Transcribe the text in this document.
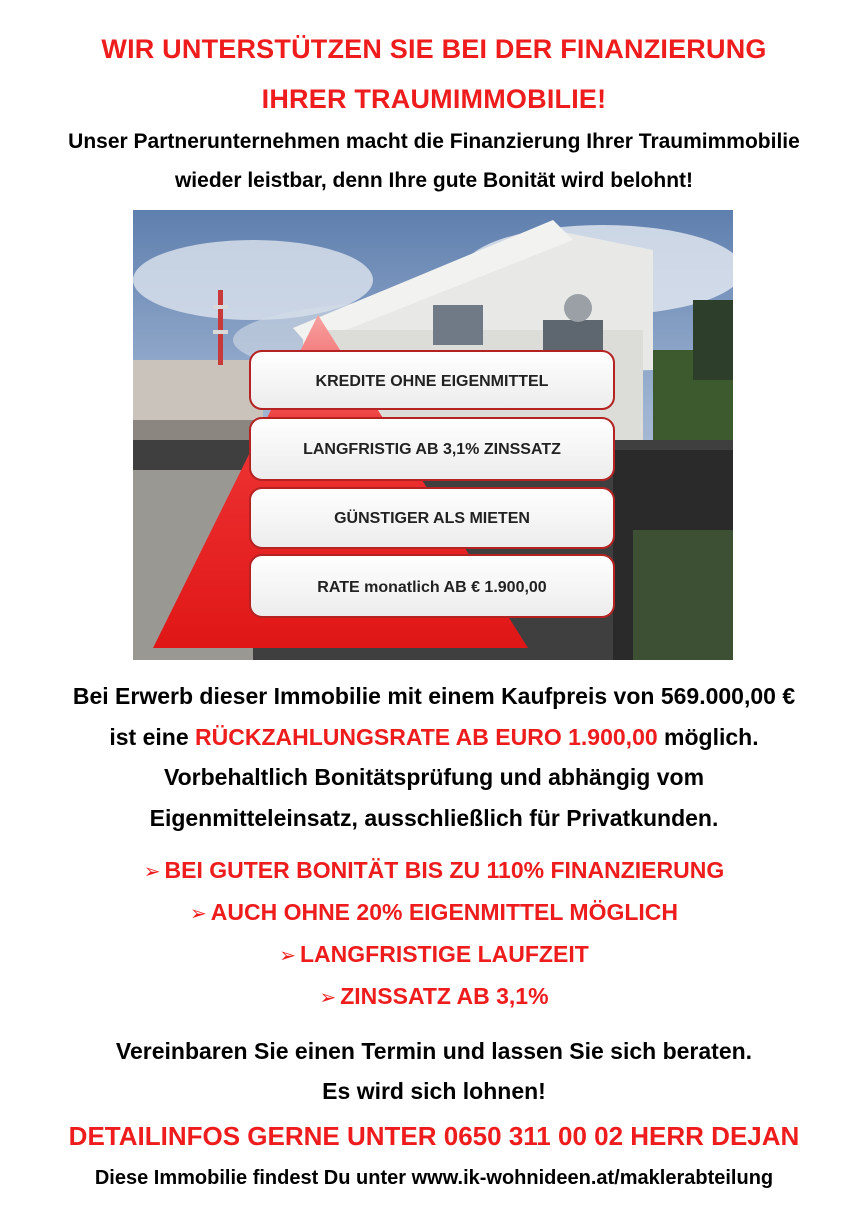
WIR UNTERSTÜTZEN SIE BEI DER FINANZIERUNG
IHRER TRAUMIMMOBILIE!
Unser Partnerunternehmen macht die Finanzierung Ihrer Traumimmobilie
wieder leistbar, denn Ihre gute Bonität wird belohnt!
KREDITE OHNE EIGENMITTEL
LANGFRISTIG AB 3,1% ZINSSATZ
GÜNSTIGER ALS MIETEN
RATE monatlich AB € 1.900,00
Bei Erwerb dieser Immobilie mit einem Kaufpreis von 569.000,00 €
ist eine RÜCKZAHLUNGSRATE AB EURO 1.900,00 möglich.
Vorbehaltlich Bonitätsprüfung und abhängig vom
Eigenmitteleinsatz, ausschließlich für Privatkunden.
➢ BEI GUTER BONITÄT BIS ZU 110% FINANZIERUNG
➢ AUCH OHNE 20% EIGENMITTEL MÖGLICH
➢ LANGFRISTIGE LAUFZEIT
➢ ZINSSATZ AB 3,1%
Vereinbaren Sie einen Termin und lassen Sie sich beraten.
Es wird sich lohnen!
DETAILINFOS GERNE UNTER 0650 311 00 02 HERR DEJAN
Diese Immobilie findest Du unter www.ik-wohnideen.at/maklerabteilung
